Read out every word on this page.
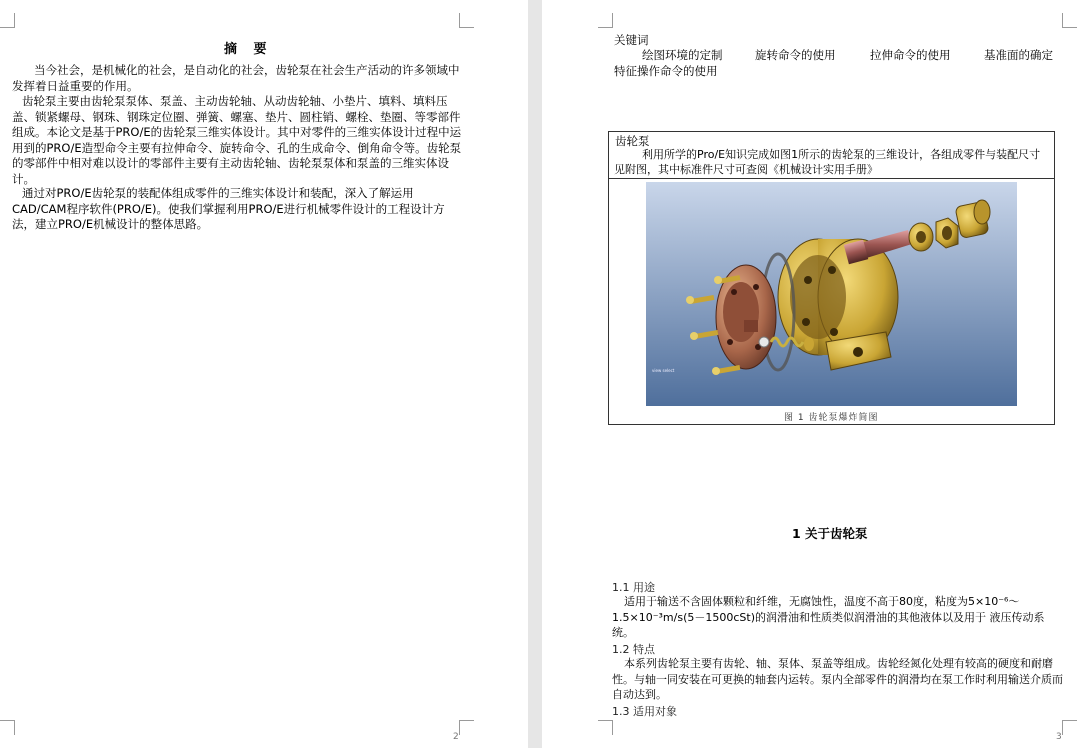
摘 要

当今社会，是机械化的社会，是自动化的社会，齿轮泵在社会生产活动的许多领域中发挥着日益重要的作用。

齿轮泵主要由齿轮泵泵体、泵盖、主动齿轮轴、从动齿轮轴、小垫片、填料、填料压盖、锁紧螺母、钢珠、钢珠定位圈、弹簧、螺塞、垫片、圆柱销、螺栓、垫圈、等零部件组成。本论文是基于PRO/E的齿轮泵三维实体设计。其中对零件的三维实体设计过程中运用到的PRO/E造型命令主要有拉伸命令、旋转命令、孔的生成命令、倒角命令等。齿轮泵的零部件中相对难以设计的零部件主要有主动齿轮轴、齿轮泵泵体和泵盖的三维实体设计。

通过对PRO/E齿轮泵的装配体组成零件的三维实体设计和装配，深入了解运用CAD/CAM程序软件(PRO/E)。使我们掌握利用PRO/E进行机械零件设计的工程设计方法，建立PRO/E机械设计的整体思路。

2
关键词
绘图环境的定制	旋转命令的使用	拉伸命令的使用	基准面的确定
特征操作命令的使用
齿轮泵

利用所学的Pro/E知识完成如图1所示的齿轮泵的三维设计，各组成零件与装配尺寸见附图，其中标准件尺寸可查阅《机械设计实用手册》

view select
图 1 齿轮泵爆炸简图
1 关于齿轮泵
1.1 用途

适用于输送不含固体颗粒和纤维，无腐蚀性，温度不高于80度，粘度为5×10⁻⁶～1.5×10⁻³m/s(5－1500cSt)的润滑油和性质类似润滑油的其他液体以及用于 液压传动系统。

1.2 特点

本系列齿轮泵主要有齿轮、轴、泵体、泵盖等组成。齿轮经氮化处理有较高的硬度和耐磨性。与轴一同安装在可更换的轴套内运转。泵内全部零件的润滑均在泵工作时利用输送介质而自动达到。

1.3 适用对象
3
